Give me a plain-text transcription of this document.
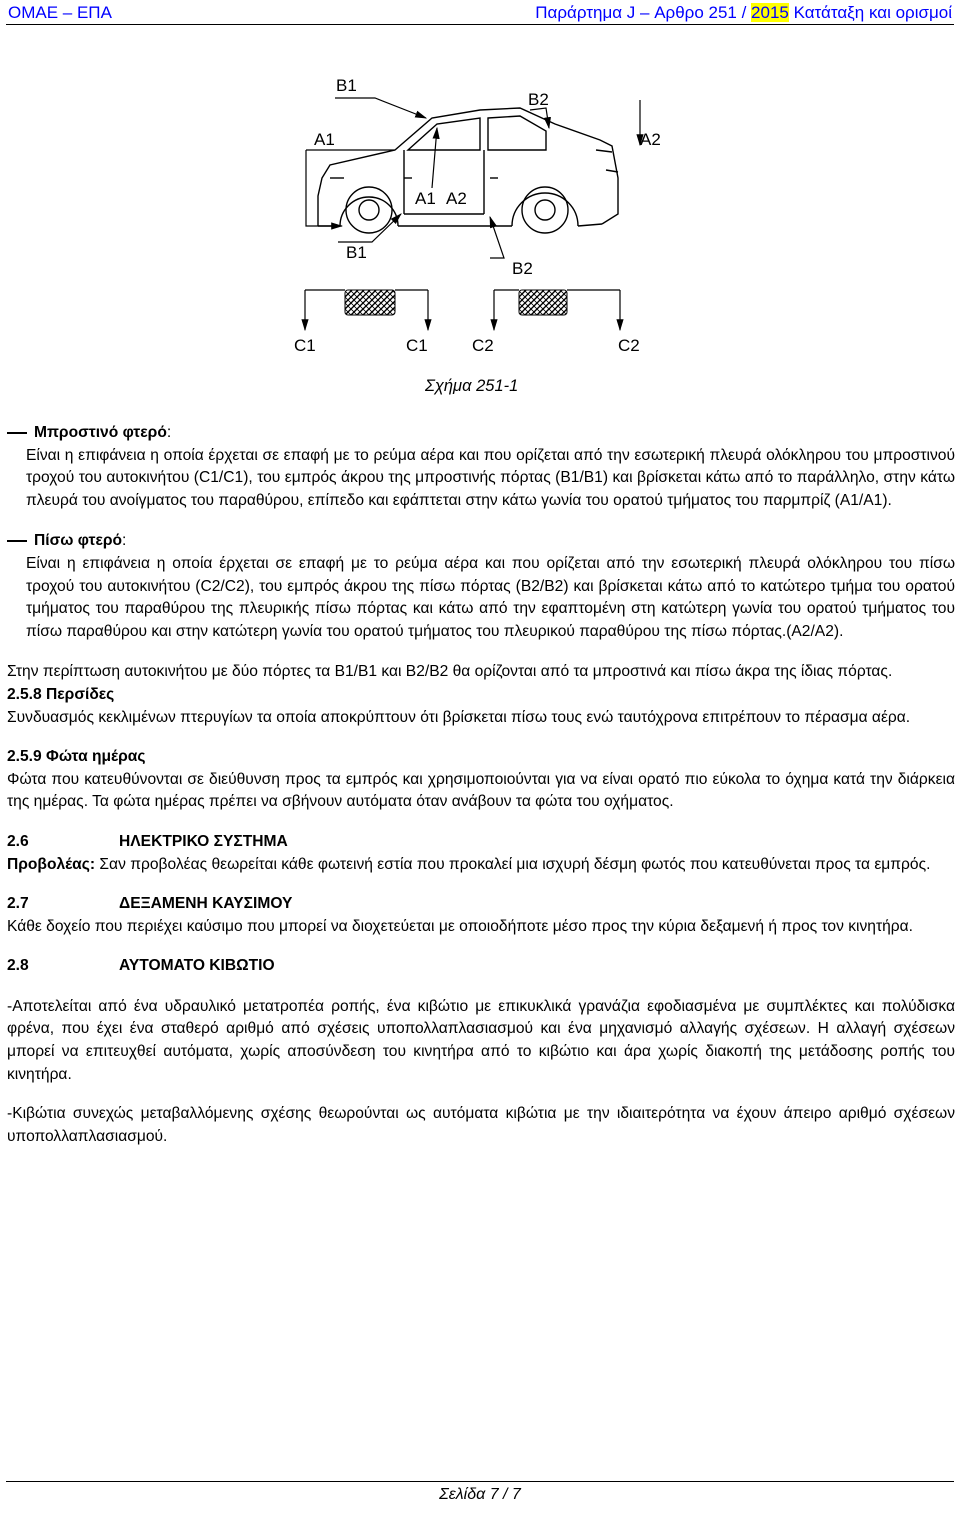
ΟΜΑΕ – ΕΠΑ	Παράρτημα J – Αρθρο 251 / 2015 Κατάταξη και ορισμοί
B1
B2
A1	A2
A1 A2
B1
B2
C1	C1	C2	C2
Σχήμα 251-1
Μπροστινό φτερό:

Είναι η επιφάνεια η οποία έρχεται σε επαφή με το ρεύμα αέρα και που ορίζεται από την εσωτερική πλευρά ολόκληρου του μπροστινού τροχού του αυτοκινήτου (C1/C1), του εμπρός άκρου της μπροστινής πόρτας (B1/B1) και βρίσκεται κάτω από το παράλληλο, στην κάτω πλευρά του ανοίγματος του παραθύρου, επίπεδο και εφάπτεται στην κάτω γωνία του ορατού τμήματος του παρμπρίζ (A1/A1).

Πίσω φτερό:

Είναι η επιφάνεια η οποία έρχεται σε επαφή με το ρεύμα αέρα και που ορίζεται από την εσωτερική πλευρά ολόκληρου του πίσω τροχού του αυτοκινήτου (C2/C2), του εμπρός άκρου της πίσω πόρτας (B2/B2) και βρίσκεται κάτω από το κατώτερο τμήμα του ορατού τμήματος του παραθύρου της πλευρικής πίσω πόρτας και κάτω από την εφαπτομένη στη κατώτερη γωνία του ορατού τμήματος του πίσω παραθύρου και στην κατώτερη γωνία του ορατού τμήματος του πλευρικού παραθύρου της πίσω πόρτας.(A2/A2).

Στην περίπτωση αυτοκινήτου με δύο πόρτες τα B1/B1 και B2/B2 θα ορίζονται από τα μπροστινά και πίσω άκρα της ίδιας πόρτας.

2.5.8 Περσίδες

Συνδυασμός κεκλιμένων πτερυγίων τα οποία αποκρύπτουν ότι βρίσκεται πίσω τους ενώ ταυτόχρονα επιτρέπουν το πέρασμα αέρα.

2.5.9 Φώτα ημέρας

Φώτα που κατευθύνονται σε διεύθυνση προς τα εμπρός και χρησιμοποιούνται για να είναι ορατό πιο εύκολα το όχημα κατά την διάρκεια της ημέρας. Τα φώτα ημέρας πρέπει να σβήνουν αυτόματα όταν ανάβουν τα φώτα του οχήματος.

2.6	ΗΛΕΚΤΡΙΚΟ ΣΥΣΤΗΜΑ

Προβολέας: Σαν προβολέας θεωρείται κάθε φωτεινή εστία που προκαλεί μια ισχυρή δέσμη φωτός που κατευθύνεται προς τα εμπρός.

2.7	ΔΕΞΑΜΕΝΗ ΚΑΥΣΙΜΟΥ

Κάθε δοχείο που περιέχει καύσιμο που μπορεί να διοχετεύεται με οποιοδήποτε μέσο προς την κύρια δεξαμενή ή προς τον κινητήρα.

2.8	ΑΥΤΟΜΑΤΟ ΚΙΒΩΤΙΟ

-Αποτελείται από ένα υδραυλικό μετατροπέα ροπής, ένα κιβώτιο με επικυκλικά γρανάζια εφοδιασμένα με συμπλέκτες και πολύδισκα φρένα, που έχει ένα σταθερό αριθμό από σχέσεις υποπολλαπλασιασμού και ένα μηχανισμό αλλαγής σχέσεων. Η αλλαγή σχέσεων μπορεί να επιτευχθεί αυτόματα, χωρίς αποσύνδεση του κινητήρα από το κιβώτιο και άρα χωρίς διακοπή της μετάδοσης ροπής του κινητήρα.

-Κιβώτια συνεχώς μεταβαλλόμενης σχέσης θεωρούνται ως αυτόματα κιβώτια με την ιδιαιτερότητα να έχουν άπειρο αριθμό σχέσεων υποπολλαπλασιασμού.

Σελίδα 7 / 7
